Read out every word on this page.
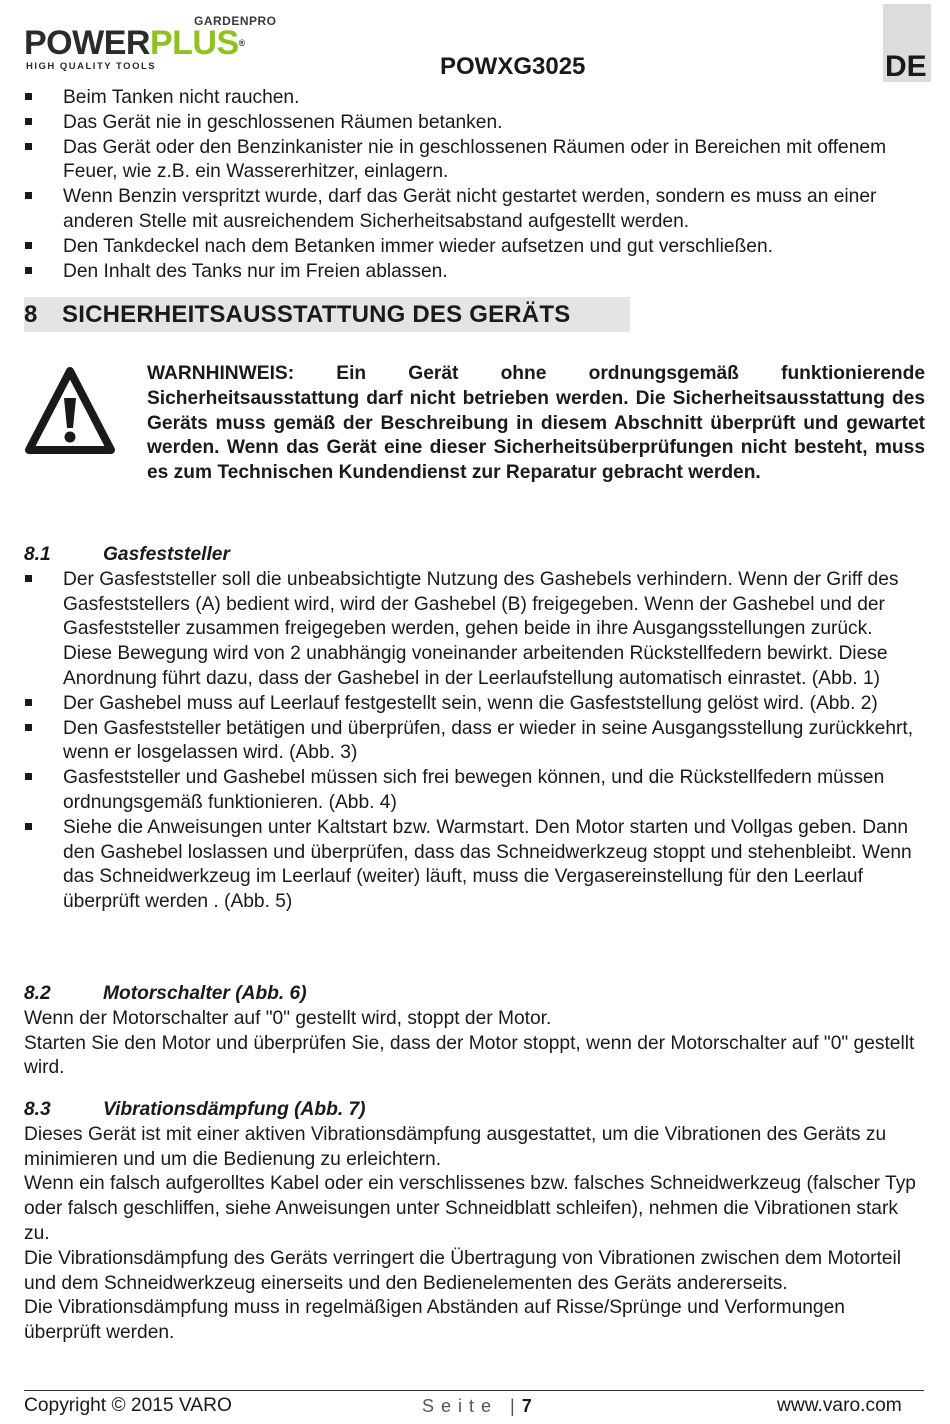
GARDENPRO
POWERPLUS®
HIGH QUALITY TOOLS	POWXG3025	DE
Beim Tanken nicht rauchen.
Das Gerät nie in geschlossenen Räumen betanken.
Das Gerät oder den Benzinkanister nie in geschlossenen Räumen oder in Bereichen mit offenem Feuer, wie z.B. ein Wassererhitzer, einlagern.
Wenn Benzin verspritzt wurde, darf das Gerät nicht gestartet werden, sondern es muss an einer anderen Stelle mit ausreichendem Sicherheitsabstand aufgestellt werden.
Den Tankdeckel nach dem Betanken immer wieder aufsetzen und gut verschließen.
Den Inhalt des Tanks nur im Freien ablassen.
8 SICHERHEITSAUSSTATTUNG DES GERÄTS
WARNHINWEIS: Ein Gerät ohne ordnungsgemäß funktionierende Sicherheitsausstattung darf nicht betrieben werden. Die Sicherheitsausstattung des Geräts muss gemäß der Beschreibung in diesem Abschnitt überprüft und gewartet werden. Wenn das Gerät eine dieser Sicherheitsüberprüfungen nicht besteht, muss es zum Technischen Kundendienst zur Reparatur gebracht werden.
8.1	Gasfeststeller
Der Gasfeststeller soll die unbeabsichtigte Nutzung des Gashebels verhindern. Wenn der Griff des Gasfeststellers (A) bedient wird, wird der Gashebel (B) freigegeben. Wenn der Gashebel und der Gasfeststeller zusammen freigegeben werden, gehen beide in ihre Ausgangsstellungen zurück. Diese Bewegung wird von 2 unabhängig voneinander arbeitenden Rückstellfedern bewirkt. Diese Anordnung führt dazu, dass der Gashebel in der Leerlaufstellung automatisch einrastet. (Abb. 1)
Der Gashebel muss auf Leerlauf festgestellt sein, wenn die Gasfeststellung gelöst wird. (Abb. 2)
Den Gasfeststeller betätigen und überprüfen, dass er wieder in seine Ausgangsstellung zurückkehrt, wenn er losgelassen wird. (Abb. 3)
Gasfeststeller und Gashebel müssen sich frei bewegen können, und die Rückstellfedern müssen ordnungsgemäß funktionieren. (Abb. 4)
Siehe die Anweisungen unter Kaltstart bzw. Warmstart. Den Motor starten und Vollgas geben. Dann den Gashebel loslassen und überprüfen, dass das Schneidwerkzeug stoppt und stehenbleibt. Wenn das Schneidwerkzeug im Leerlauf (weiter) läuft, muss die Vergasereinstellung für den Leerlauf überprüft werden . (Abb. 5)
8.2	Motorschalter (Abb. 6)

Wenn der Motorschalter auf "0" gestellt wird, stoppt der Motor.

Starten Sie den Motor und überprüfen Sie, dass der Motor stoppt, wenn der Motorschalter auf "0" gestellt wird.

8.3	Vibrationsdämpfung (Abb. 7)

Dieses Gerät ist mit einer aktiven Vibrationsdämpfung ausgestattet, um die Vibrationen des Geräts zu minimieren und um die Bedienung zu erleichtern.

Wenn ein falsch aufgerolltes Kabel oder ein verschlissenes bzw. falsches Schneidwerkzeug (falscher Typ oder falsch geschliffen, siehe Anweisungen unter Schneidblatt schleifen), nehmen die Vibrationen stark zu.

Die Vibrationsdämpfung des Geräts verringert die Übertragung von Vibrationen zwischen dem Motorteil und dem Schneidwerkzeug einerseits und den Bedienelementen des Geräts andererseits.

Die Vibrationsdämpfung muss in regelmäßigen Abständen auf Risse/Sprünge und Verformungen überprüft werden.

Copyright © 2015 VARO	Seite |7	www.varo.com
